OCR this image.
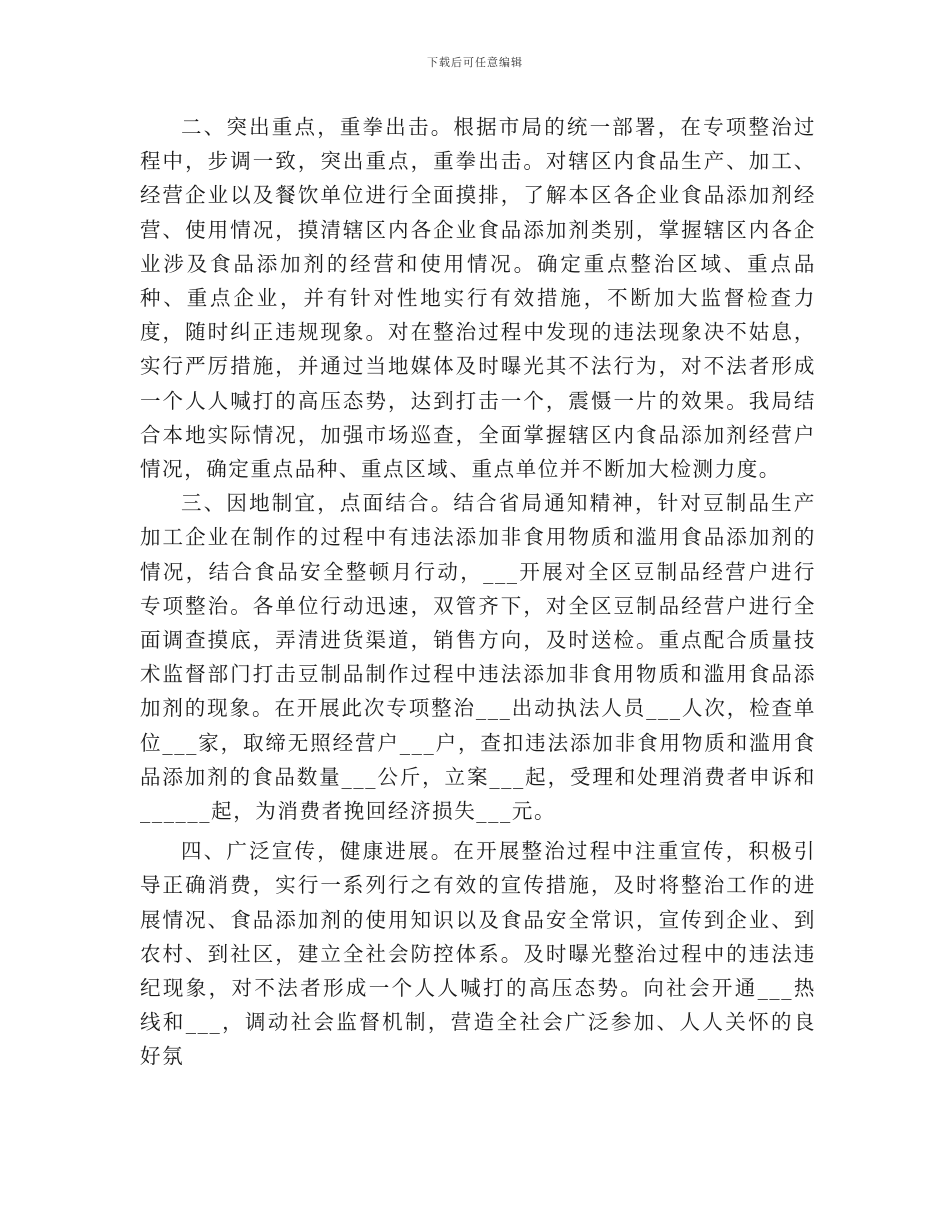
下载后可任意编辑

二、突出重点，重拳出击。根据市局的统一部署，在专项整治过程中，步调一致，突出重点，重拳出击。对辖区内食品生产、加工、经营企业以及餐饮单位进行全面摸排，了解本区各企业食品添加剂经营、使用情况，摸清辖区内各企业食品添加剂类别，掌握辖区内各企业涉及食品添加剂的经营和使用情况。确定重点整治区域、重点品种、重点企业，并有针对性地实行有效措施，不断加大监督检查力度，随时纠正违规现象。对在整治过程中发现的违法现象决不姑息，实行严厉措施，并通过当地媒体及时曝光其不法行为，对不法者形成一个人人喊打的高压态势，达到打击一个，震慑一片的效果。我局结合本地实际情况，加强市场巡查，全面掌握辖区内食品添加剂经营户情况，确定重点品种、重点区域、重点单位并不断加大检测力度。

三、因地制宜，点面结合。结合省局通知精神，针对豆制品生产加工企业在制作的过程中有违法添加非食用物质和滥用食品添加剂的情况，结合食品安全整顿月行动，___开展对全区豆制品经营户进行专项整治。各单位行动迅速，双管齐下，对全区豆制品经营户进行全面调查摸底，弄清进货渠道，销售方向，及时送检。重点配合质量技术监督部门打击豆制品制作过程中违法添加非食用物质和滥用食品添加剂的现象。在开展此次专项整治___出动执法人员___人次，检查单位___家，取缔无照经营户___户，查扣违法添加非食用物质和滥用食品添加剂的食品数量___公斤，立案___起，受理和处理消费者申诉和______起，为消费者挽回经济损失___元。

四、广泛宣传，健康进展。在开展整治过程中注重宣传，积极引导正确消费，实行一系列行之有效的宣传措施，及时将整治工作的进展情况、食品添加剂的使用知识以及食品安全常识，宣传到企业、到农村、到社区，建立全社会防控体系。及时曝光整治过程中的违法违纪现象，对不法者形成一个人人喊打的高压态势。向社会开通___热线和___，调动社会监督机制，营造全社会广泛参加、人人关怀的良好氛
